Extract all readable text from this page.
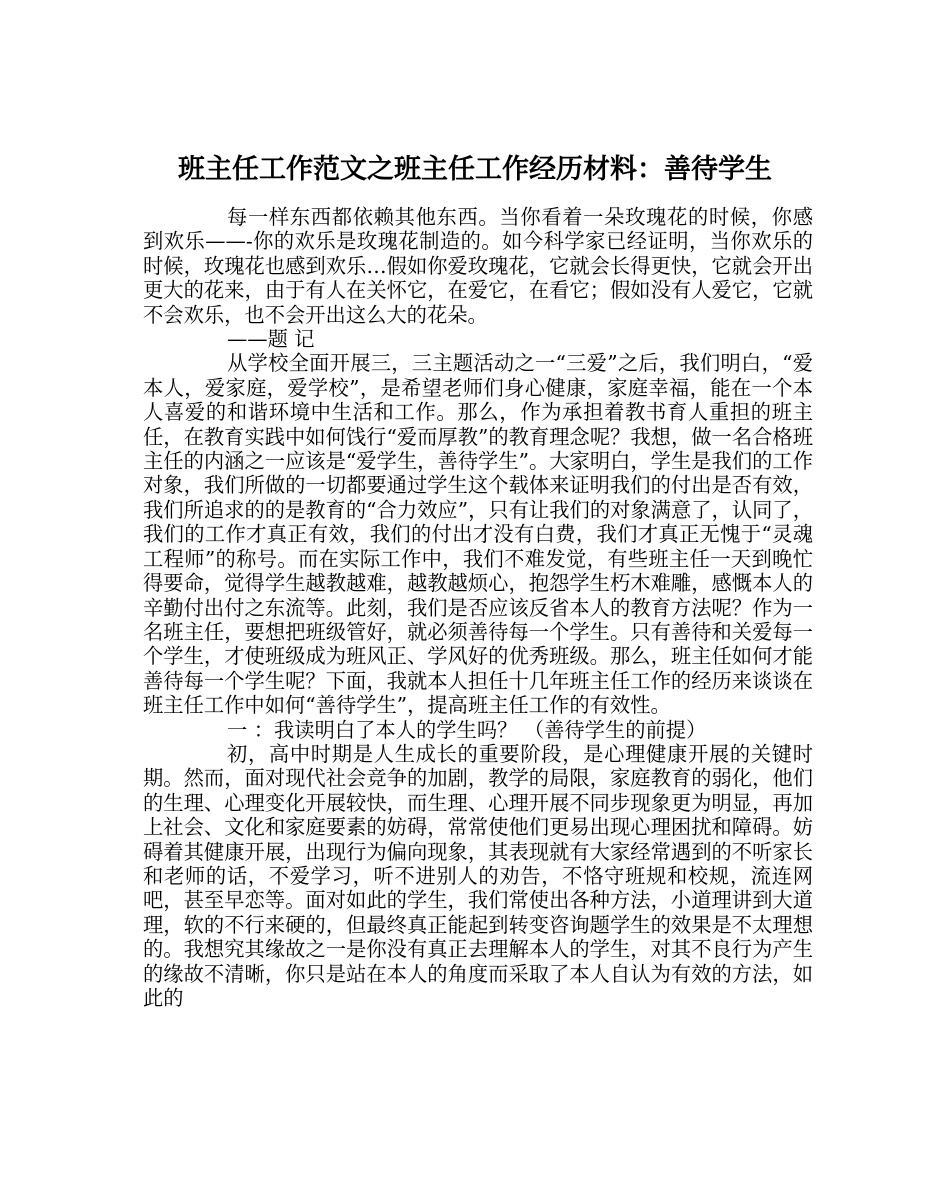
班主任工作范文之班主任工作经历材料：善待学生

每一样东西都依赖其他东西。当你看着一朵玫瑰花的时候，你感到欢乐——-你的欢乐是玫瑰花制造的。如今科学家已经证明，当你欢乐的时候，玫瑰花也感到欢乐…假如你爱玫瑰花，它就会长得更快，它就会开出更大的花来，由于有人在关怀它，在爱它，在看它；假如没有人爱它，它就不会欢乐，也不会开出这么大的花朵。

——题 记

从学校全面开展三，三主题活动之一“三爱”之后，我们明白，“爱本人，爱家庭，爱学校”，是希望老师们身心健康，家庭幸福，能在一个本人喜爱的和谐环境中生活和工作。那么，作为承担着教书育人重担的班主任，在教育实践中如何饯行“爱而厚教”的教育理念呢？我想，做一名合格班主任的内涵之一应该是“爱学生，善待学生”。大家明白，学生是我们的工作对象，我们所做的一切都要通过学生这个载体来证明我们的付出是否有效，我们所追求的的是教育的“合力效应”，只有让我们的对象满意了，认同了，我们的工作才真正有效，我们的付出才没有白费，我们才真正无愧于“灵魂工程师”的称号。而在实际工作中，我们不难发觉，有些班主任一天到晚忙得要命，觉得学生越教越难，越教越烦心，抱怨学生朽木难雕，感慨本人的辛勤付出付之东流等。此刻，我们是否应该反省本人的教育方法呢？作为一名班主任，要想把班级管好，就必须善待每一个学生。只有善待和关爱每一个学生，才使班级成为班风正、学风好的优秀班级。那么，班主任如何才能善待每一个学生呢？下面，我就本人担任十几年班主任工作的经历来谈谈在班主任工作中如何“善待学生”，提高班主任工作的有效性。

一 ：我读明白了本人的学生吗？ （善待学生的前提）

初，高中时期是人生成长的重要阶段，是心理健康开展的关键时期。然而，面对现代社会竞争的加剧，教学的局限，家庭教育的弱化，他们的生理、心理变化开展较快，而生理、心理开展不同步现象更为明显，再加上社会、文化和家庭要素的妨碍，常常使他们更易出现心理困扰和障碍。妨碍着其健康开展，出现行为偏向现象，其表现就有大家经常遇到的不听家长和老师的话，不爱学习，听不进别人的劝告，不恪守班规和校规，流连网吧，甚至早恋等。面对如此的学生，我们常使出各种方法，小道理讲到大道理，软的不行来硬的，但最终真正能起到转变咨询题学生的效果是不太理想的。我想究其缘故之一是你没有真正去理解本人的学生，对其不良行为产生的缘故不清晰，你只是站在本人的角度而采取了本人自认为有效的方法，如此的
